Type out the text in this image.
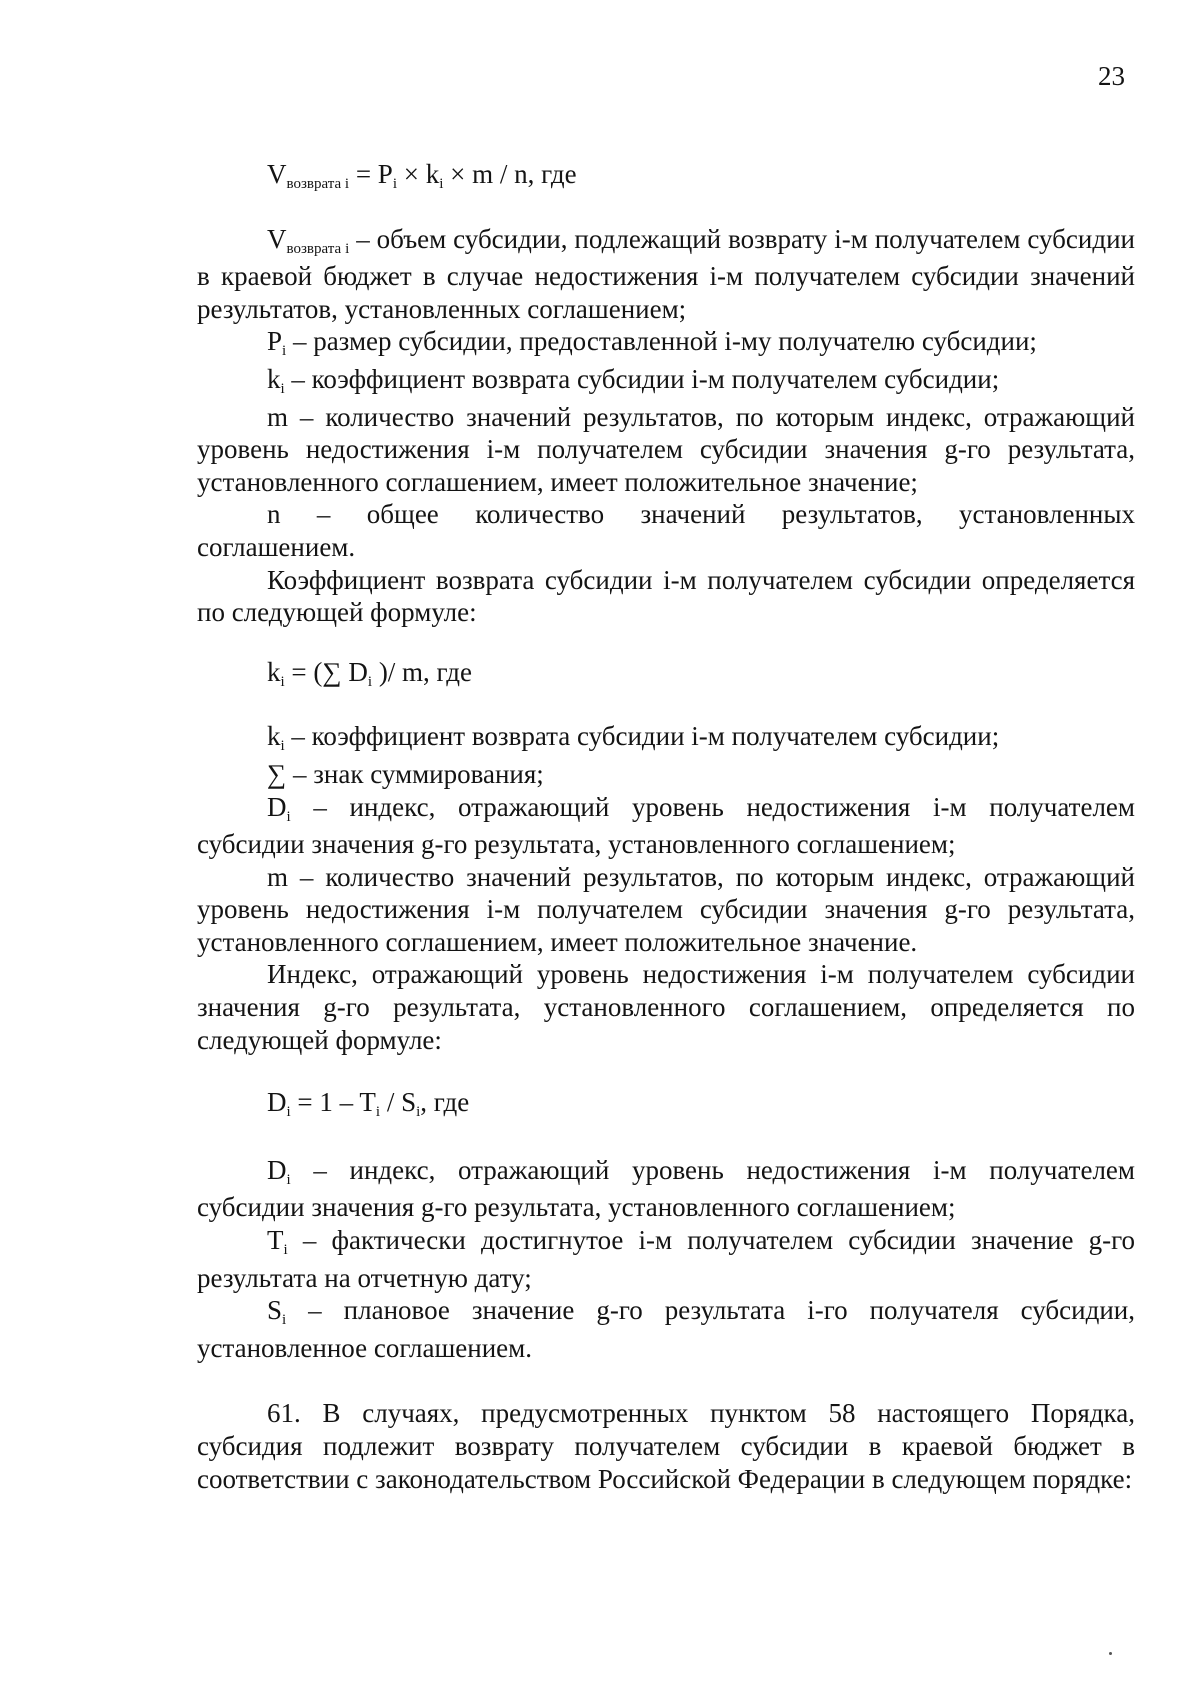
23
$V_{возврата i} = P_i \times k_i \times m / n$, где

$V_{возврата i}$ – объем субсидии, подлежащий возврату i-м получателем субсидии в краевой бюджет в случае недостижения i-м получателем субсидии значений результатов, установленных соглашением;

$P_i$ – размер субсидии, предоставленной i-му получателю субсидии;

$k_i$ – коэффициент возврата субсидии i-м получателем субсидии;

m – количество значений результатов, по которым индекс, отражающий уровень недостижения i-м получателем субсидии значения g-го результата, установленного соглашением, имеет положительное значение;

n – общее количество значений результатов, установленных

соглашением.

Коэффициент возврата субсидии i-м получателем субсидии определяется по следующей формуле:

$k_i$ = (∑ $D_i$ )/ m, где

$k_i$ – коэффициент возврата субсидии i-м получателем субсидии;

∑ – знак суммирования;

$D_i$ – индекс, отражающий уровень недостижения i-м получателем субсидии значения g-го результата, установленного соглашением;

m – количество значений результатов, по которым индекс, отражающий уровень недостижения i-м получателем субсидии значения g-го результата, установленного соглашением, имеет положительное значение.

Индекс, отражающий уровень недостижения i-м получателем субсидии значения g-го результата, установленного соглашением, определяется по следующей формуле:

$D_i = 1 - T_i / S_i$, где

$D_i$ – индекс, отражающий уровень недостижения i-м получателем субсидии значения g-го результата, установленного соглашением;

$T_i$ – фактически достигнутое i-м получателем субсидии значение g-го результата на отчетную дату;

$S_i$ – плановое значение g-го результата i-го получателя субсидии, установленное соглашением.

61. В случаях, предусмотренных пунктом 58 настоящего Порядка, субсидия подлежит возврату получателем субсидии в краевой бюджет в соответствии с законодательством Российской Федерации в следующем порядке:
